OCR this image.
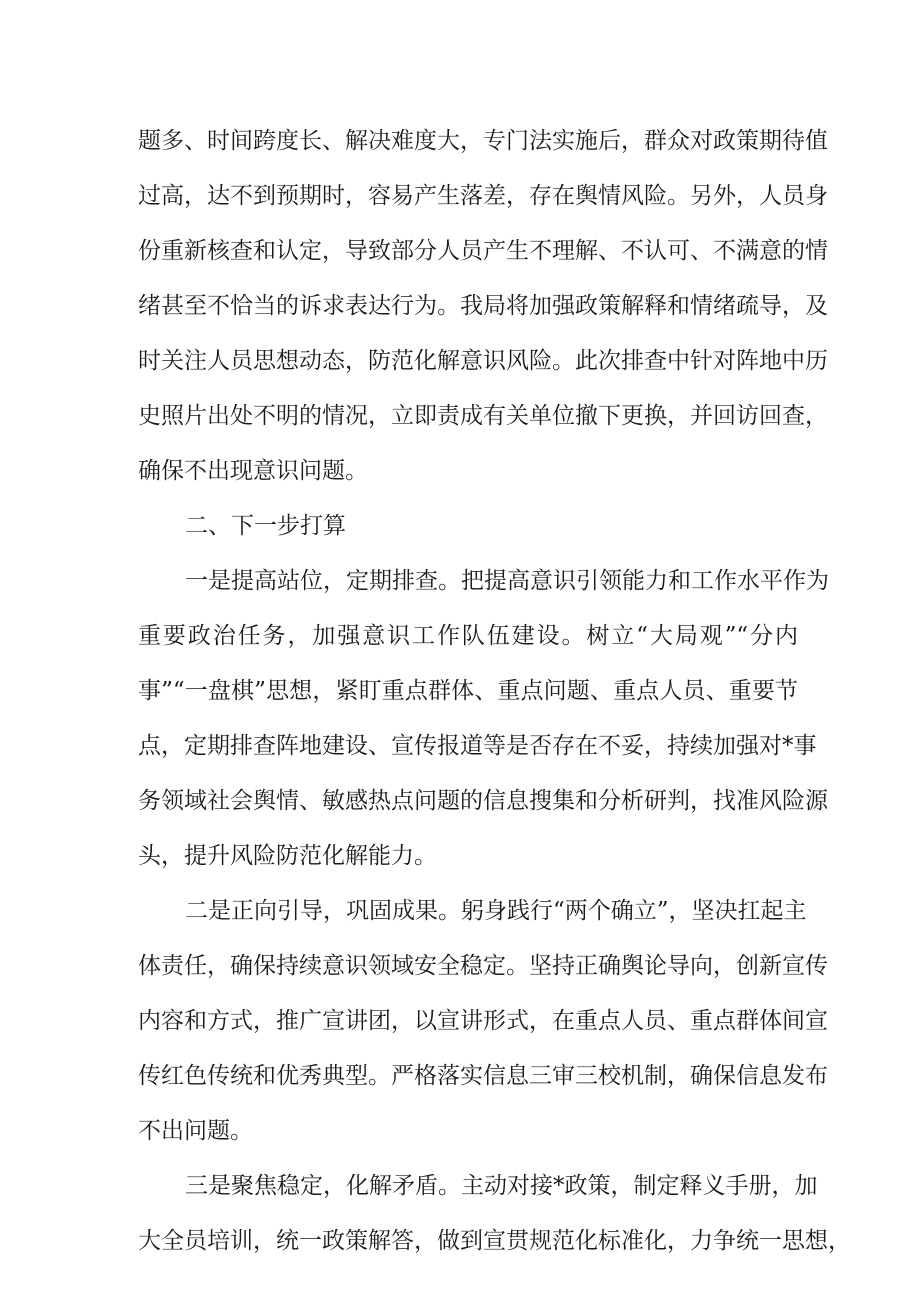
题多、时间跨度长、解决难度大，专门法实施后，群众对政策期待值

过高，达不到预期时，容易产生落差，存在舆情风险。另外，人员身

份重新核查和认定，导致部分人员产生不理解、不认可、不满意的情

绪甚至不恰当的诉求表达行为。我局将加强政策解释和情绪疏导，及

时关注人员思想动态，防范化解意识风险。此次排查中针对阵地中历

史照片出处不明的情况，立即责成有关单位撤下更换，并回访回查，

确保不出现意识问题。

二、下一步打算

一是提高站位，定期排查。把提高意识引领能力和工作水平作为

重要政治任务，加强意识工作队伍建设。树立“大局观”“分内

事”“一盘棋”思想，紧盯重点群体、重点问题、重点人员、重要节

点，定期排查阵地建设、宣传报道等是否存在不妥，持续加强对*事

务领域社会舆情、敏感热点问题的信息搜集和分析研判，找准风险源

头，提升风险防范化解能力。

二是正向引导，巩固成果。躬身践行“两个确立”，坚决扛起主

体责任，确保持续意识领域安全稳定。坚持正确舆论导向，创新宣传

内容和方式，推广宣讲团，以宣讲形式，在重点人员、重点群体间宣

传红色传统和优秀典型。严格落实信息三审三校机制，确保信息发布

不出问题。

三是聚焦稳定，化解矛盾。主动对接*政策，制定释义手册，加

大全员培训，统一政策解答，做到宣贯规范化标准化，力争统一思想，
